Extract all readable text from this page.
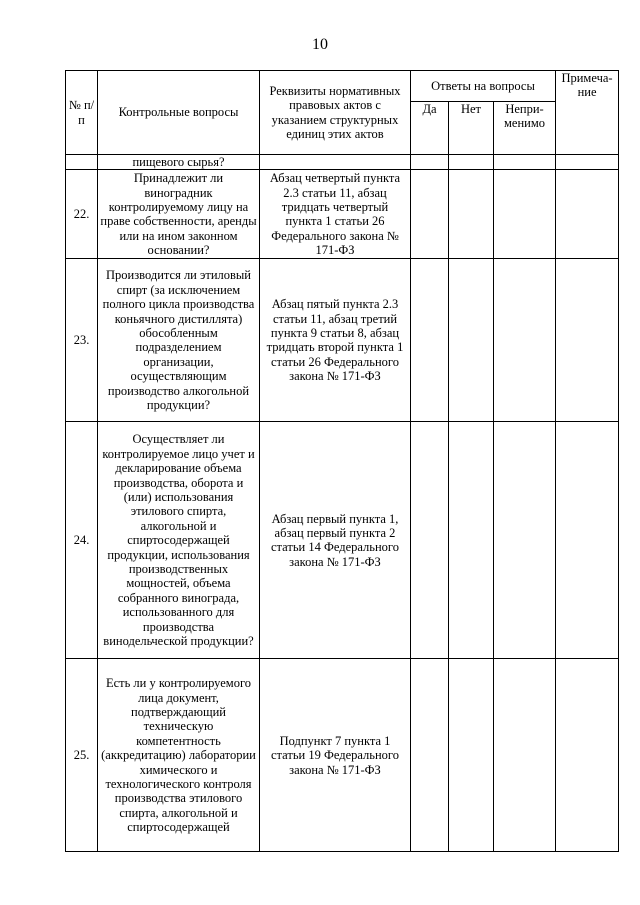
10
№ п/п	Контрольные вопросы	Реквизиты нормативных правовых актов с указанием структурных единиц этих актов	Ответы на вопросы			Примеча-ние
			Да	Нет	Непри-менимо	
	пищевого сырья?					
22.	Принадлежит ли виноградник контролируемому лицу на праве собственности, аренды или на ином законном основании?	Абзац четвертый пункта 2.3 статьи 11, абзац тридцать четвертый пункта 1 статьи 26 Федерального закона № 171-ФЗ				
23.	Производится ли этиловый спирт (за исключением полного цикла производства коньячного дистиллята) обособленным подразделением организации, осуществляющим производство алкогольной продукции?	Абзац пятый пункта 2.3 статьи 11, абзац третий пункта 9 статьи 8, абзац тридцать второй пункта 1 статьи 26 Федерального закона № 171-ФЗ				
24.	Осуществляет ли контролируемое лицо учет и декларирование объема производства, оборота и (или) использования этилового спирта, алкогольной и спиртосодержащей продукции, использования производственных мощностей, объема собранного винограда, использованного для производства винодельческой продукции?	Абзац первый пункта 1, абзац первый пункта 2 статьи 14 Федерального закона № 171-ФЗ				
25.	Есть ли у контролируемого лица документ, подтверждающий техническую компетентность (аккредитацию) лаборатории химического и технологического контроля производства этилового спирта, алкогольной и спиртосодержащей	Подпункт 7 пункта 1 статьи 19 Федерального закона № 171-ФЗ				
